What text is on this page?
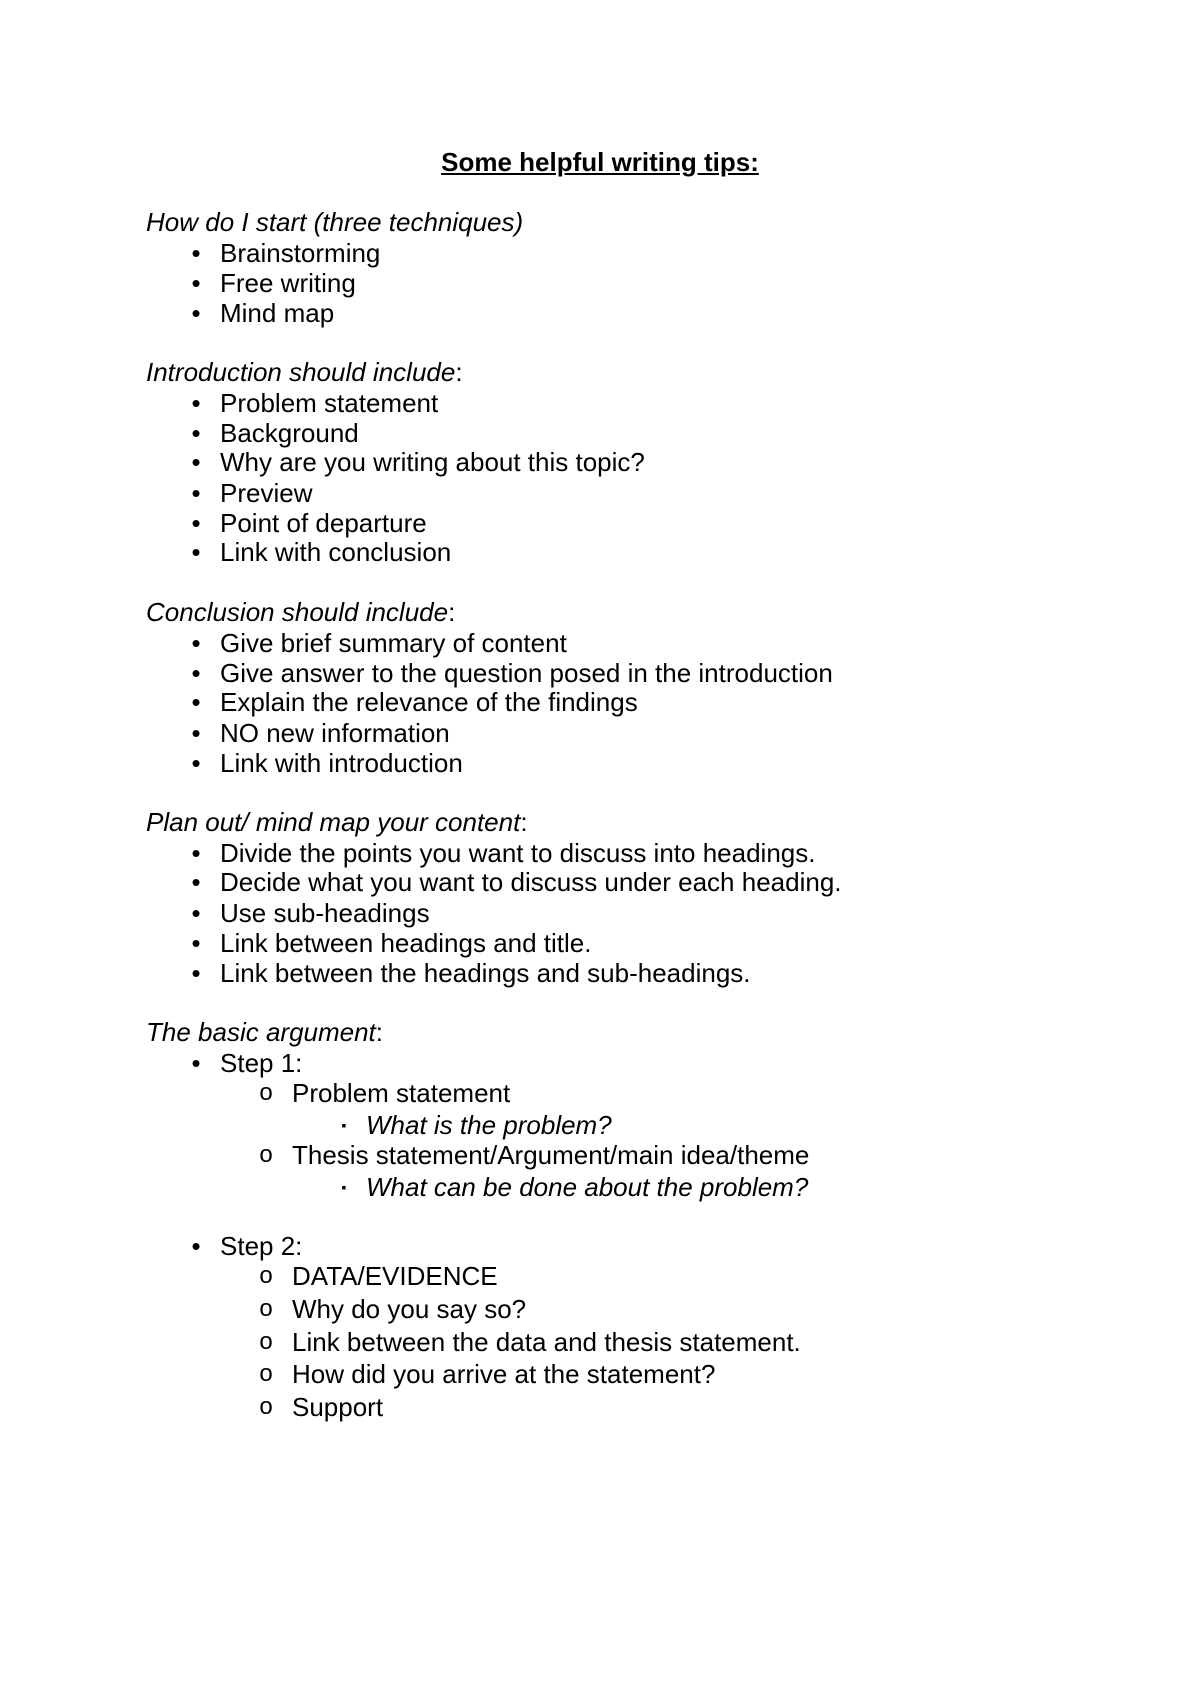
Some helpful writing tips:
How do I start (three techniques)
• Brainstorming
• Free writing
• Mind map
Introduction should include:
• Problem statement
• Background
• Why are you writing about this topic?
• Preview
• Point of departure
• Link with conclusion
Conclusion should include:
• Give brief summary of content
• Give answer to the question posed in the introduction
• Explain the relevance of the findings
• NO new information
• Link with introduction
Plan out/ mind map your content:
• Divide the points you want to discuss into headings.
• Decide what you want to discuss under each heading.
• Use sub-headings
• Link between headings and title.
• Link between the headings and sub-headings.
The basic argument:
• Step 1:
o Problem statement
▪ What is the problem?
o Thesis statement/Argument/main idea/theme
▪ What can be done about the problem?
• Step 2:
o DATA/EVIDENCE
o Why do you say so?
o Link between the data and thesis statement.
o How did you arrive at the statement?
o Support
